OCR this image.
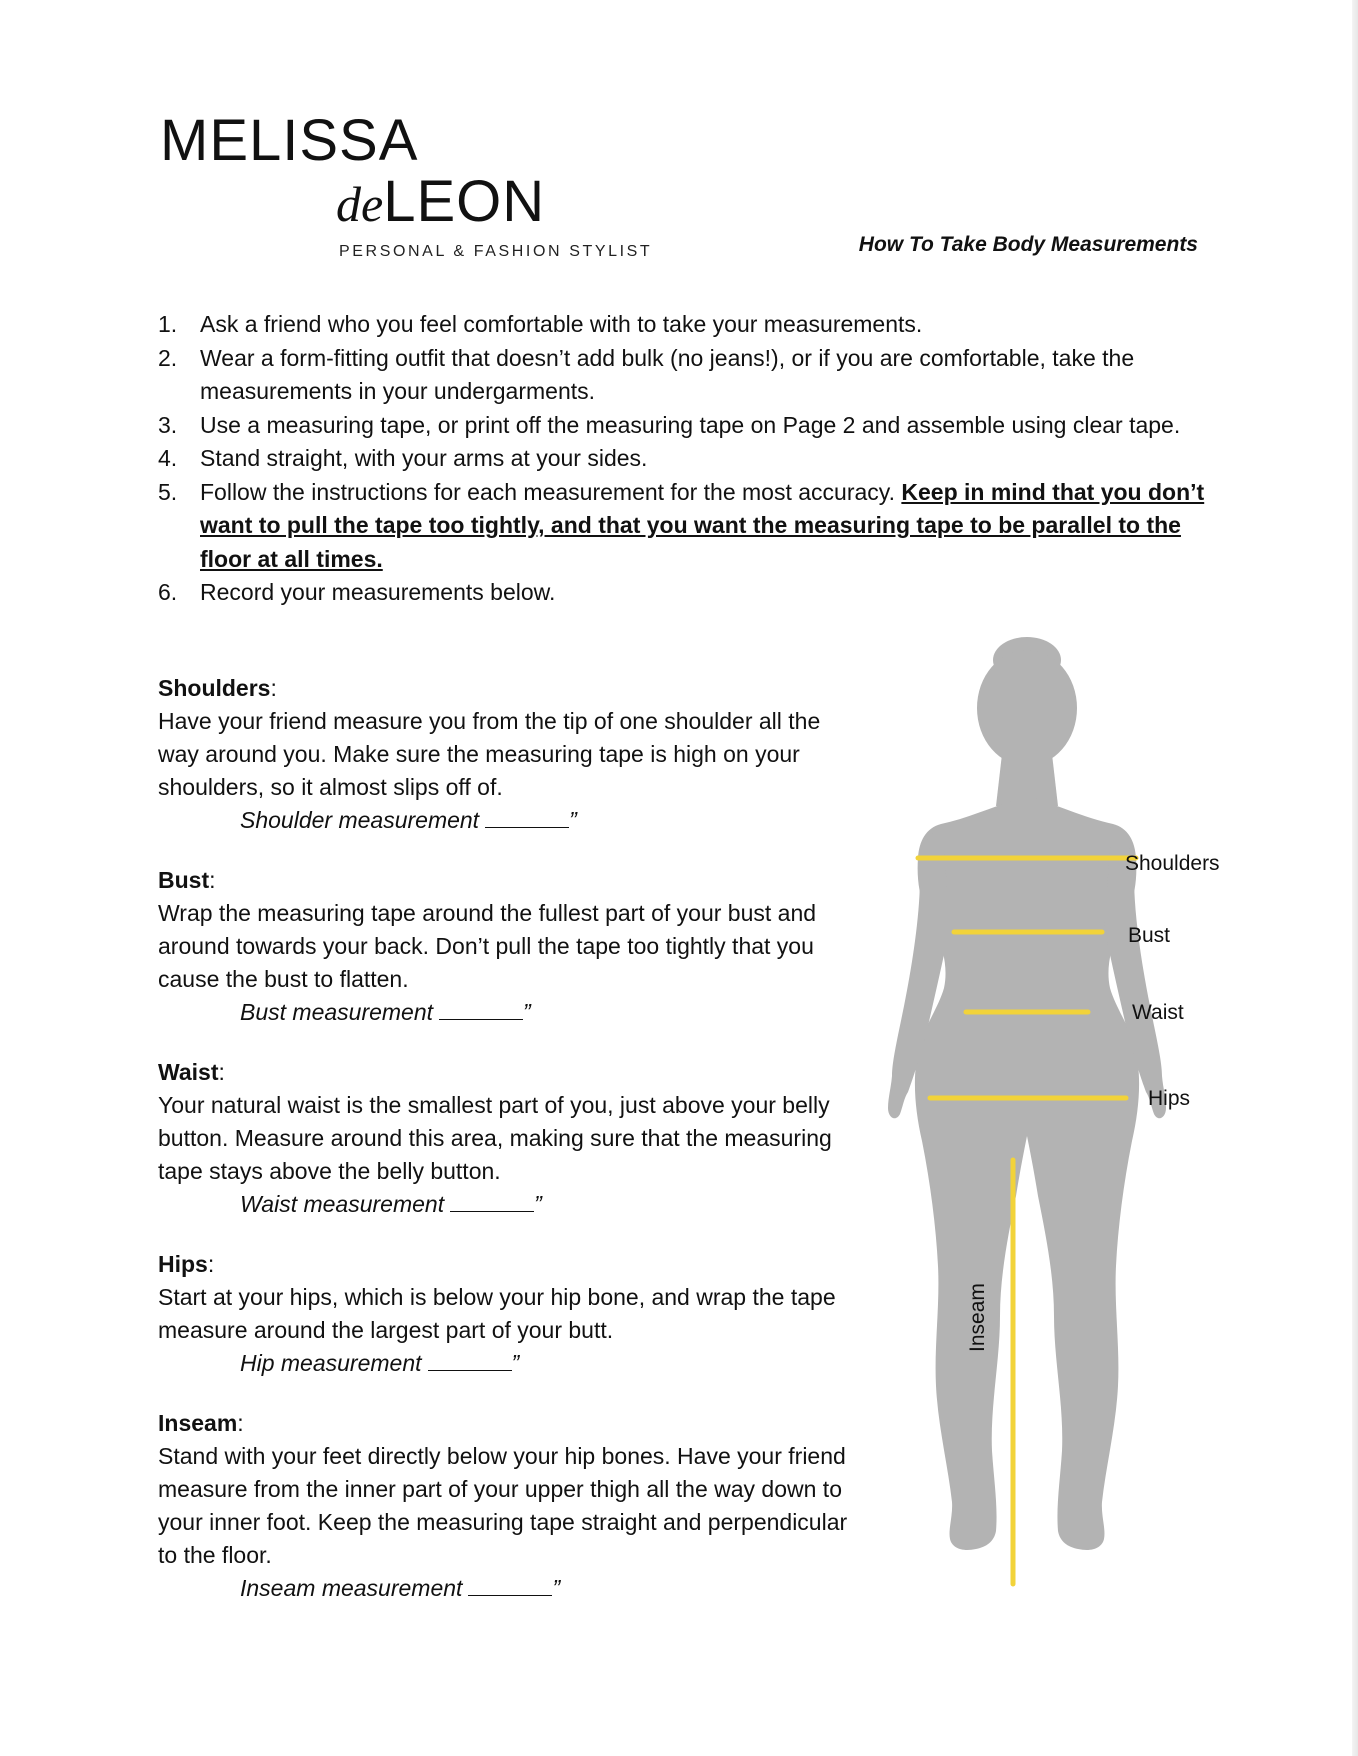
MELISSA
deLEON
PERSONAL & FASHION STYLIST	How To Take Body Measurements
1. Ask a friend who you feel comfortable with to take your measurements.
2. Wear a form-fitting outfit that doesn’t add bulk (no jeans!), or if you are comfortable, take the measurements in your undergarments.
3. Use a measuring tape, or print off the measuring tape on Page 2 and assemble using clear tape.
4. Stand straight, with your arms at your sides.
5. Follow the instructions for each measurement for the most accuracy. Keep in mind that you don’t want to pull the tape too tightly, and that you want the measuring tape to be parallel to the floor at all times.
6. Record your measurements below.
Shoulders:
Have your friend measure you from the tip of one shoulder all the way around you. Make sure the measuring tape is high on your shoulders, so it almost slips off of.
Shoulder measurement	”
Bust:
Wrap the measuring tape around the fullest part of your bust and around towards your back. Don’t pull the tape too tightly that you cause the bust to flatten.
Bust measurement	”
Waist:
Your natural waist is the smallest part of you, just above your belly button. Measure around this area, making sure that the measuring tape stays above the belly button.
Waist measurement	”
Hips:
Start at your hips, which is below your hip bone, and wrap the tape measure around the largest part of your butt.
Hip measurement	”
Inseam:
Stand with your feet directly below your hip bones. Have your friend measure from the inner part of your upper thigh all the way down to your inner foot. Keep the measuring tape straight and perpendicular to the floor.
Inseam measurement	”
Shoulders
Bust
Waist
Hips
Inseam
